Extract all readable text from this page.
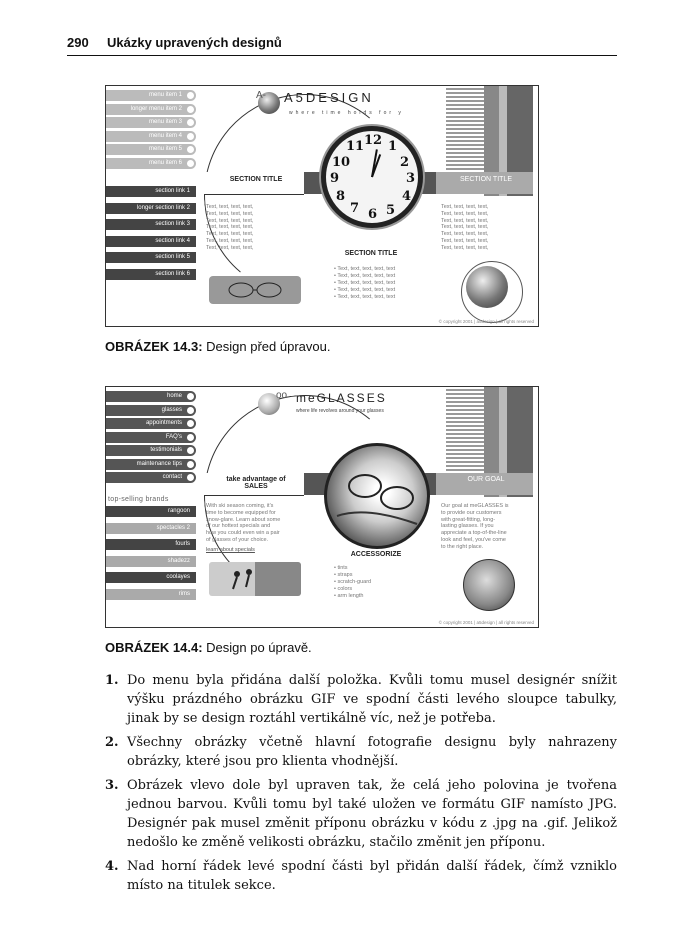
290 Ukázky upravených designů
menu item 1
longer menu item 2
menu item 3
menu item 4
menu item 5
menu item 6
section link 1
longer section link 2
section link 3
section link 4
section link 5
section link 6
A-	A5DESIGN
where time holds for y
SECTION TITLE	SECTION TITLE
12 1
2
3
4
5
6
7
8
9
10
11
SECTION TITLE
Text, text, text, text,
Text, text, text, text,
Text, text, text, text,
Text, text, text, text,
Text, text, text, text,
Text, text, text, text,
Text, text, text, text,
Text, text, text, text,
Text, text, text, text,
Text, text, text, text,
Text, text, text, text,
Text, text, text, text,
Text, text, text, text,
Text, text, text, text,
• Text, text, text, text, text
• Text, text, text, text, text
• Text, text, text, text, text
• Text, text, text, text, text
• Text, text, text, text, text
© copyright 2001 | a5design | all rights reserved
OBRÁZEK 14.3: Design před úpravou.
home
glasses
appointments
FAQ's
testimonials
maintenance tips
contact
top-selling brands
rangoon
spectacles 2
fourls
shadezz
coolayes
rims
oo meGLASSES
where life revolves around your glasses
take advantage of SALES
OUR GOAL
ACCESSORIZE
With ski season coming, it's
time to become equipped for
snow-glare. Learn about some
of our hottest specials and
how you could even win a pair
of glasses of your choice.
learn about specials
Our goal at meGLASSES is
to provide our customers
with great-fitting, long-
lasting glasses. If you
appreciate a top-of-the-line
look and feel, you've come
to the right place.
• tints
• straps
• scratch-guard
• colors
• arm length
© copyright 2001 | a5design | all rights reserved
OBRÁZEK 14.4: Design po úpravě.
1. Do menu byla přidána další položka. Kvůli tomu musel designér snížit výšku prázdného obrázku GIF ve spodní části levého sloupce tabulky, jinak by se design roztáhl vertikálně víc, než je potřeba.
2. Všechny obrázky včetně hlavní fotografie designu byly nahrazeny obrázky, které jsou pro klienta vhodnější.
3. Obrázek vlevo dole byl upraven tak, že celá jeho polovina je tvořena jednou barvou. Kvůli tomu byl také uložen ve formátu GIF namísto JPG. Designér pak musel změnit příponu obrázku v kódu z .jpg na .gif. Jelikož nedošlo ke změně velikosti obrázku, stačilo změnit jen příponu.
4. Nad horní řádek levé spodní části byl přidán další řádek, čímž vzniklo místo na titulek sekce.
